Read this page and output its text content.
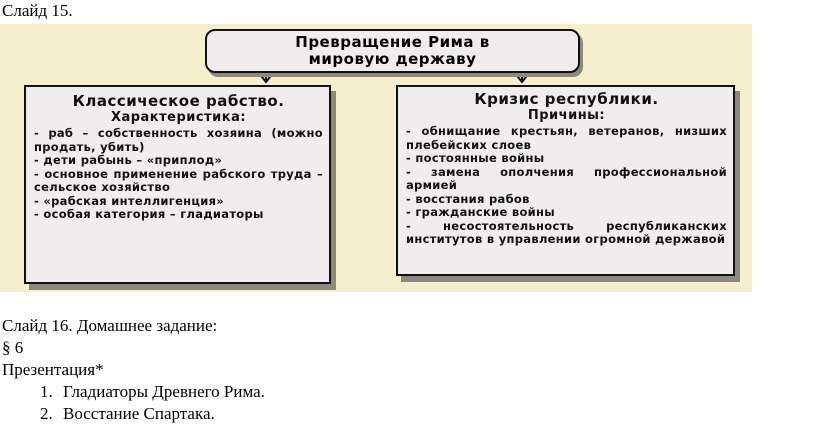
Слайд 15.
Превращение Рима в
мировую державу
Классическое рабство.
Характеристика:
- раб – собственность хозяина (можно продать, убить)
- дети рабынь – «приплод»
- основное применение рабского труда – сельское хозяйство
- «рабская интеллигенция»
- особая категория – гладиаторы
Кризис республики.
Причины:
- обнищание крестьян, ветеранов, низших плебейских слоев
- постоянные войны
- замена ополчения профессиональной армией
- восстания рабов
- гражданские войны
- несостоятельность республиканских институтов в управлении огромной державой
Слайд 16. Домашнее задание:
§ 6
Презентация*
1. Гладиаторы Древнего Рима.
2. Восстание Спартака.
